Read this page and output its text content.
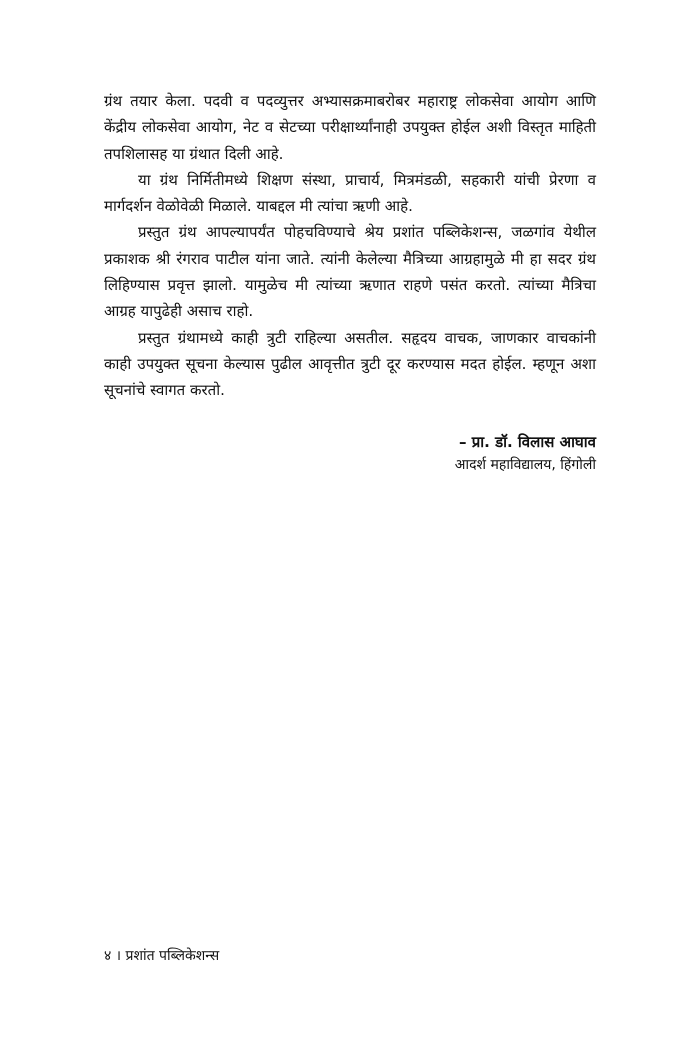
ग्रंथ तयार केला. पदवी व पदव्युत्तर अभ्यासक्रमाबरोबर महाराष्ट्र लोकसेवा आयोग आणि केंद्रीय लोकसेवा आयोग, नेट व सेटच्या परीक्षार्थ्यांनाही उपयुक्त होईल अशी विस्तृत माहिती तपशिलासह या ग्रंथात दिली आहे.

या ग्रंथ निर्मितीमध्ये शिक्षण संस्था, प्राचार्य, मित्रमंडळी, सहकारी यांची प्रेरणा व मार्गदर्शन वेळोवेळी मिळाले. याबद्दल मी त्यांचा ऋणी आहे.

प्रस्तुत ग्रंथ आपल्यापर्यंत पोहचविण्याचे श्रेय प्रशांत पब्लिकेशन्स, जळगांव येथील प्रकाशक श्री रंगराव पाटील यांना जाते. त्यांनी केलेल्या मैत्रिच्या आग्रहामुळे मी हा सदर ग्रंथ लिहिण्यास प्रवृत्त झालो. यामुळेच मी त्यांच्या ऋणात राहणे पसंत करतो. त्यांच्या मैत्रिचा आग्रह यापुढेही असाच राहो.

प्रस्तुत ग्रंथामध्ये काही त्रुटी राहिल्या असतील. सहृदय वाचक, जाणकार वाचकांनी काही उपयुक्त सूचना केल्यास पुढील आवृत्तीत त्रुटी दूर करण्यास मदत होईल. म्हणून अशा सूचनांचे स्वागत करतो.

– प्रा. डॉ. विलास आघाव
आदर्श महाविद्यालय, हिंगोली
४ । प्रशांत पब्लिकेशन्स
